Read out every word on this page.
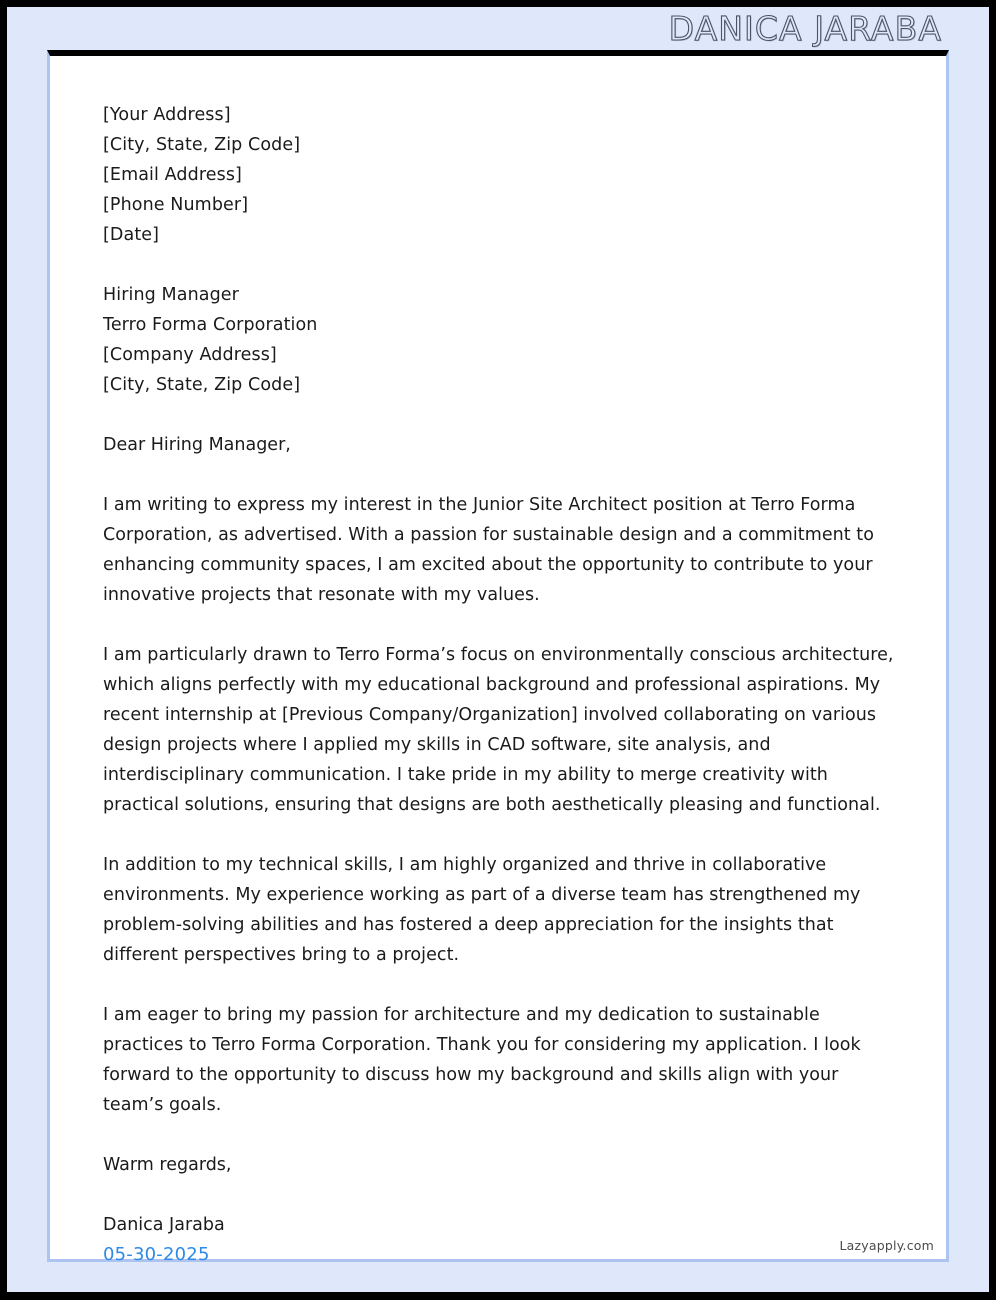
DANICA JARABA
[Your Address]
[City, State, Zip Code]
[Email Address]
[Phone Number]
[Date]
Hiring Manager
Terro Forma Corporation
[Company Address]
[City, State, Zip Code]
Dear Hiring Manager,
I am writing to express my interest in the Junior Site Architect position at Terro Forma Corporation, as advertised. With a passion for sustainable design and a commitment to enhancing community spaces, I am excited about the opportunity to contribute to your innovative projects that resonate with my values.
I am particularly drawn to Terro Forma’s focus on environmentally conscious architecture, which aligns perfectly with my educational background and professional aspirations. My recent internship at [Previous Company/Organization] involved collaborating on various design projects where I applied my skills in CAD software, site analysis, and interdisciplinary communication. I take pride in my ability to merge creativity with practical solutions, ensuring that designs are both aesthetically pleasing and functional.
In addition to my technical skills, I am highly organized and thrive in collaborative environments. My experience working as part of a diverse team has strengthened my problem-solving abilities and has fostered a deep appreciation for the insights that different perspectives bring to a project.
I am eager to bring my passion for architecture and my dedication to sustainable practices to Terro Forma Corporation. Thank you for considering my application. I look forward to the opportunity to discuss how my background and skills align with your team’s goals.
Warm regards,
Danica Jaraba
05-30-2025	Lazyapply.com
